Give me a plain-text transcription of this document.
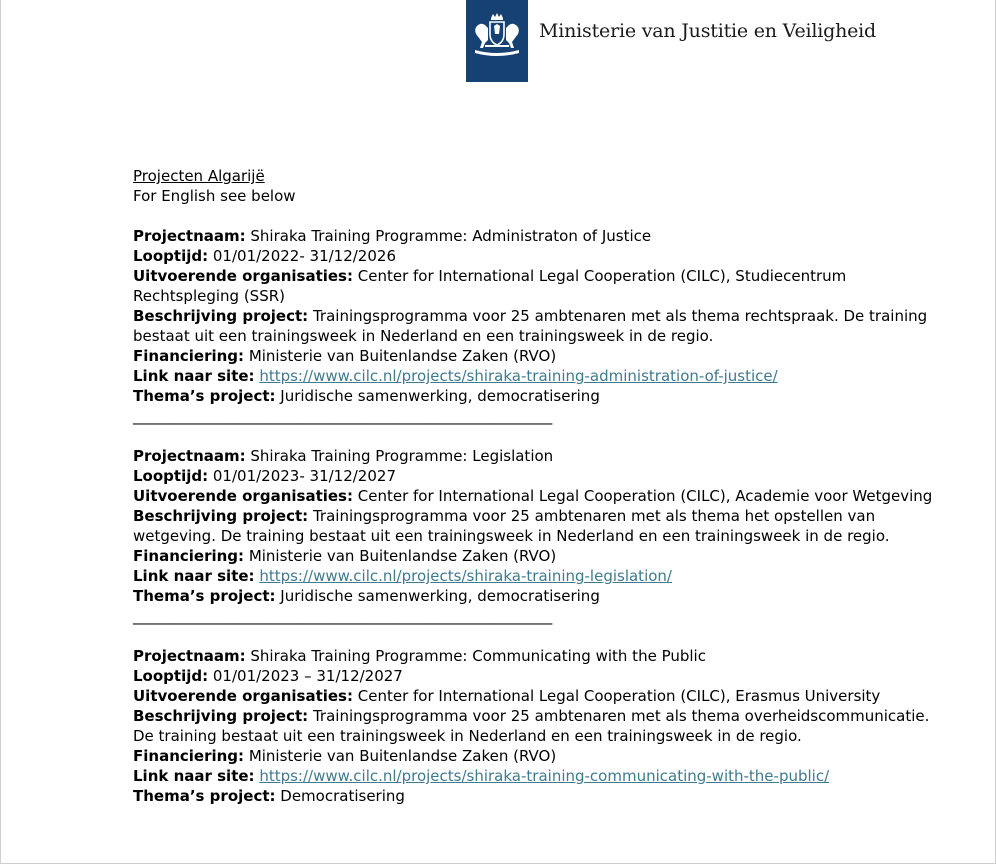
Ministerie van Justitie en Veiligheid
Projecten Algarijë
For English see below
Projectnaam: Shiraka Training Programme: Administraton of Justice
Looptijd: 01/01/2022- 31/12/2026
Uitvoerende organisaties: Center for International Legal Cooperation (CILC), Studiecentrum
Rechtspleging (SSR)
Beschrijving project: Trainingsprogramma voor 25 ambtenaren met als thema rechtspraak. De training
bestaat uit een trainingsweek in Nederland en een trainingsweek in de regio.
Financiering: Ministerie van Buitenlandse Zaken (RVO)
Link naar site: https://www.cilc.nl/projects/shiraka-training-administration-of-justice/
Thema’s project: Juridische samenwerking, democratisering
___________________________________________________________
Projectnaam: Shiraka Training Programme: Legislation
Looptijd: 01/01/2023- 31/12/2027
Uitvoerende organisaties: Center for International Legal Cooperation (CILC), Academie voor Wetgeving
Beschrijving project: Trainingsprogramma voor 25 ambtenaren met als thema het opstellen van
wetgeving. De training bestaat uit een trainingsweek in Nederland en een trainingsweek in de regio.
Financiering: Ministerie van Buitenlandse Zaken (RVO)
Link naar site: https://www.cilc.nl/projects/shiraka-training-legislation/
Thema’s project: Juridische samenwerking, democratisering
___________________________________________________________
Projectnaam: Shiraka Training Programme: Communicating with the Public
Looptijd: 01/01/2023 – 31/12/2027
Uitvoerende organisaties: Center for International Legal Cooperation (CILC), Erasmus University
Beschrijving project: Trainingsprogramma voor 25 ambtenaren met als thema overheidscommunicatie.
De training bestaat uit een trainingsweek in Nederland en een trainingsweek in de regio.
Financiering: Ministerie van Buitenlandse Zaken (RVO)
Link naar site: https://www.cilc.nl/projects/shiraka-training-communicating-with-the-public/
Thema’s project: Democratisering
